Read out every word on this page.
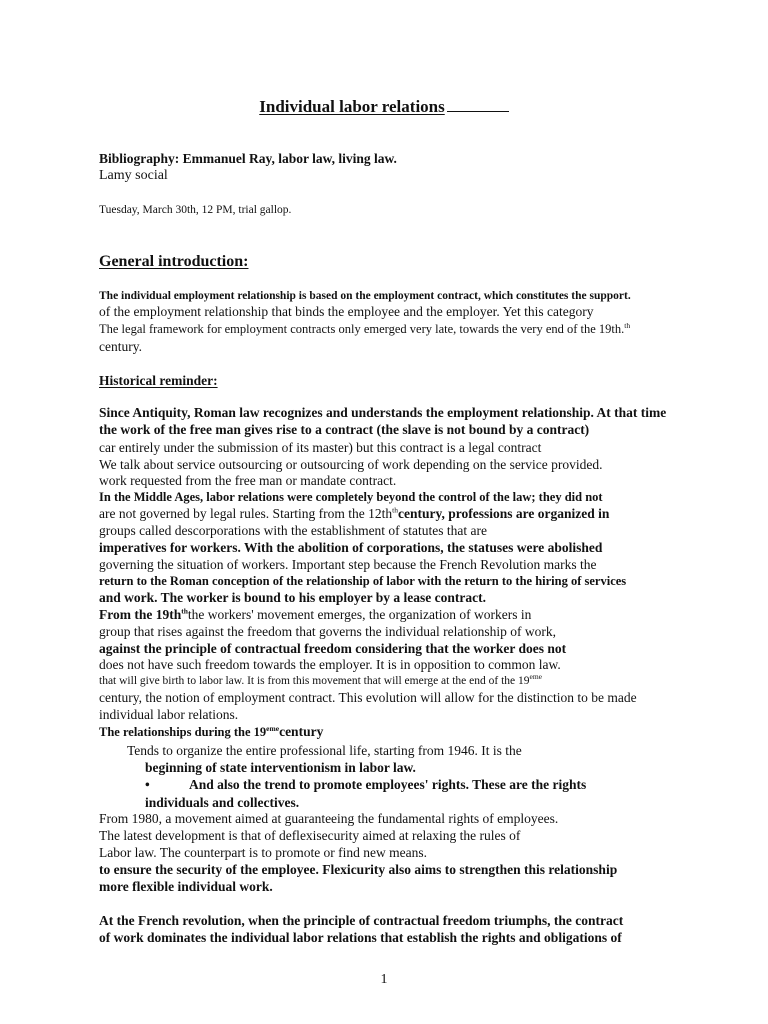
Individual labor relations
Bibliography: Emmanuel Ray, labor law, living law.
Lamy social
Tuesday, March 30th, 12 PM, trial gallop.
General introduction:
The individual employment relationship is based on the employment contract, which constitutes the support.
of the employment relationship that binds the employee and the employer. Yet this category
The legal framework for employment contracts only emerged very late, towards the very end of the 19th.$^{th}$
century.
Historical reminder:
Since Antiquity, Roman law recognizes and understands the employment relationship. At that time
the work of the free man gives rise to a contract (the slave is not bound by a contract)
car entirely under the submission of its master) but this contract is a legal contract
We talk about service outsourcing or outsourcing of work depending on the service provided.
work requested from the free man or mandate contract.
In the Middle Ages, labor relations were completely beyond the control of the law; they did not
are not governed by legal rules. Starting from the $12th^{th}century$, professions are organized in
groups called descorporations with the establishment of statutes that are
imperatives for workers. With the abolition of corporations, the statuses were abolished
governing the situation of workers. Important step because the French Revolution marks the
return to the Roman conception of the relationship of labor with the return to the hiring of services
and work. The worker is bound to his employer by a lease contract.
From the $19th^{th}the$ workers' movement emerges, the organization of workers in
group that rises against the freedom that governs the individual relationship of work,
against the principle of contractual freedom considering that the worker does not
does not have such freedom towards the employer. It is in opposition to common law.
that will give birth to labor law. It is from this movement that will emerge at the end of the 19eme
century, the notion of employment contract. This evolution will allow for the distinction to be made
individual labor relations.
The relationships during the 19emecentury
Tends to organize the entire professional life, starting from 1946. It is the
beginning of state interventionism in labor law.
•	And also the trend to promote employees' rights. These are the rights
individuals and collectives.
From 1980, a movement aimed at guaranteeing the fundamental rights of employees.
The latest development is that of deflexisecurity aimed at relaxing the rules of
Labor law. The counterpart is to promote or find new means.
to ensure the security of the employee. Flexicurity also aims to strengthen this relationship
more flexible individual work.
At the French revolution, when the principle of contractual freedom triumphs, the contract
of work dominates the individual labor relations that establish the rights and obligations of
1
